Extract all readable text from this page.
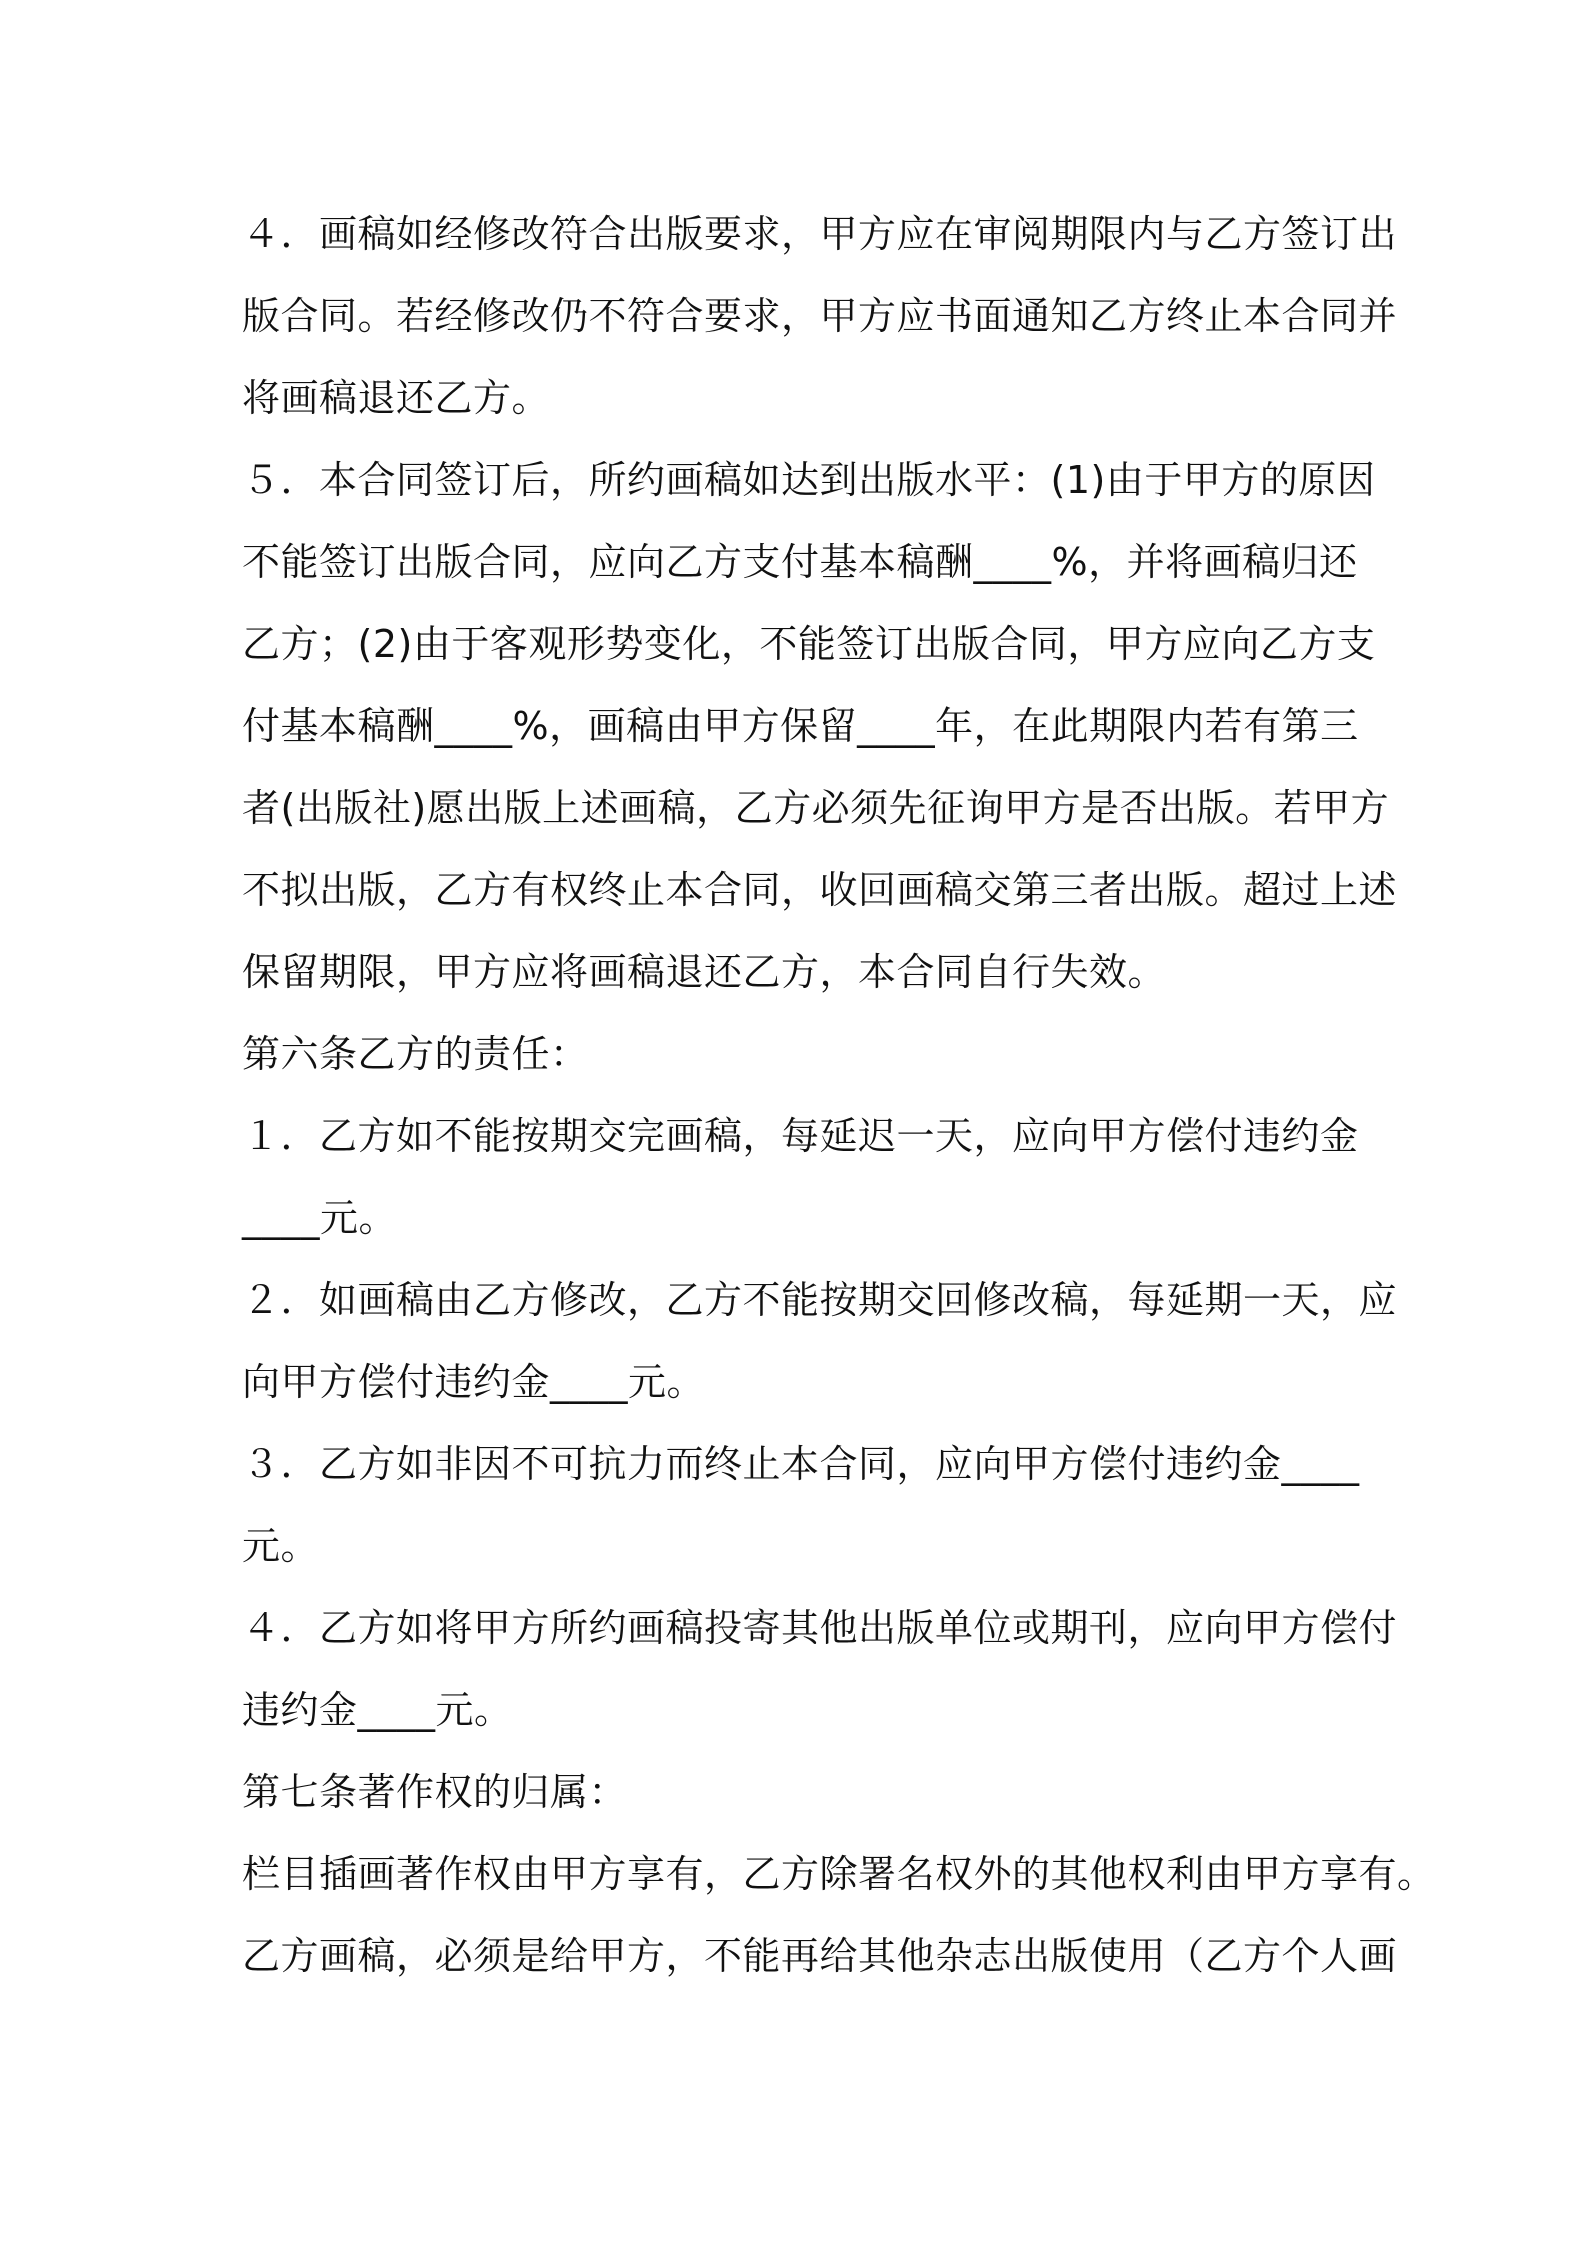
４．画稿如经修改符合出版要求，甲方应在审阅期限内与乙方签订出
版合同。若经修改仍不符合要求，甲方应书面通知乙方终止本合同并
将画稿退还乙方。
５．本合同签订后，所约画稿如达到出版水平：(1)由于甲方的原因
不能签订出版合同，应向乙方支付基本稿酬____%，并将画稿归还
乙方；(2)由于客观形势变化，不能签订出版合同，甲方应向乙方支
付基本稿酬____%，画稿由甲方保留____年，在此期限内若有第三
者(出版社)愿出版上述画稿，乙方必须先征询甲方是否出版。若甲方
不拟出版，乙方有权终止本合同，收回画稿交第三者出版。超过上述
保留期限，甲方应将画稿退还乙方，本合同自行失效。
第六条乙方的责任：
１．乙方如不能按期交完画稿，每延迟一天，应向甲方偿付违约金
____元。
２．如画稿由乙方修改，乙方不能按期交回修改稿，每延期一天，应
向甲方偿付违约金____元。
３．乙方如非因不可抗力而终止本合同，应向甲方偿付违约金____
元。
４．乙方如将甲方所约画稿投寄其他出版单位或期刊，应向甲方偿付
违约金____元。
第七条著作权的归属：
栏目插画著作权由甲方享有，乙方除署名权外的其他权利由甲方享有。
乙方画稿，必须是给甲方，不能再给其他杂志出版使用（乙方个人画
